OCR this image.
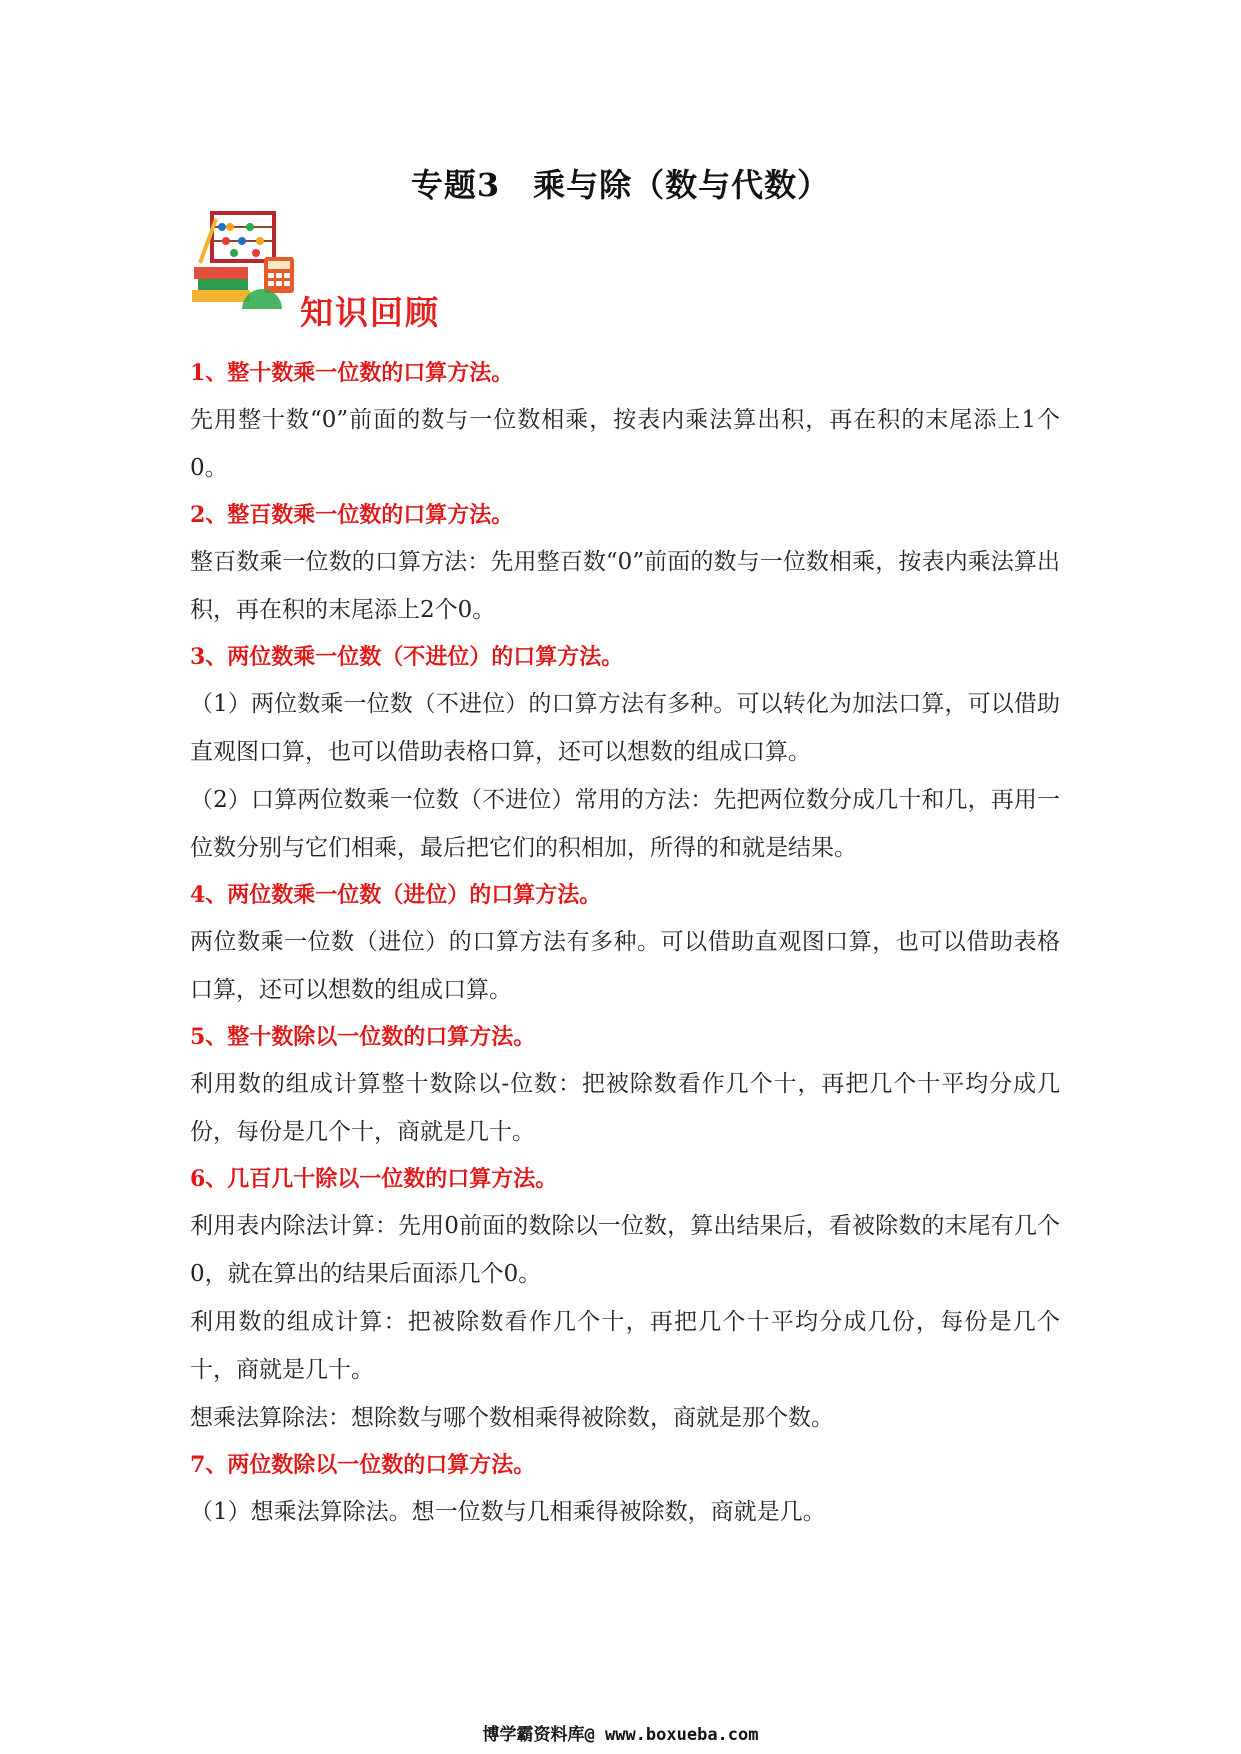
专题3　乘与除（数与代数）
知识回顾

1、整十数乘一位数的口算方法。

先用整十数“0”前面的数与一位数相乘，按表内乘法算出积，再在积的末尾添上1个0。

2、整百数乘一位数的口算方法。

整百数乘一位数的口算方法：先用整百数“0”前面的数与一位数相乘，按表内乘法算出积，再在积的末尾添上2个0。

3、两位数乘一位数（不进位）的口算方法。

（1）两位数乘一位数（不进位）的口算方法有多种。可以转化为加法口算，可以借助直观图口算，也可以借助表格口算，还可以想数的组成口算。

（2）口算两位数乘一位数（不进位）常用的方法：先把两位数分成几十和几，再用一位数分别与它们相乘，最后把它们的积相加，所得的和就是结果。

4、两位数乘一位数（进位）的口算方法。

两位数乘一位数（进位）的口算方法有多种。可以借助直观图口算，也可以借助表格口算，还可以想数的组成口算。

5、整十数除以一位数的口算方法。

利用数的组成计算整十数除以-位数：把被除数看作几个十，再把几个十平均分成几份，每份是几个十，商就是几十。

6、几百几十除以一位数的口算方法。

利用表内除法计算：先用0前面的数除以一位数，算出结果后，看被除数的末尾有几个0，就在算出的结果后面添几个0。

利用数的组成计算：把被除数看作几个十，再把几个十平均分成几份，每份是几个十，商就是几十。

想乘法算除法：想除数与哪个数相乘得被除数，商就是那个数。

7、两位数除以一位数的口算方法。

（1）想乘法算除法。想一位数与几相乘得被除数，商就是几。

博学霸资料库@ www.boxueba.com
